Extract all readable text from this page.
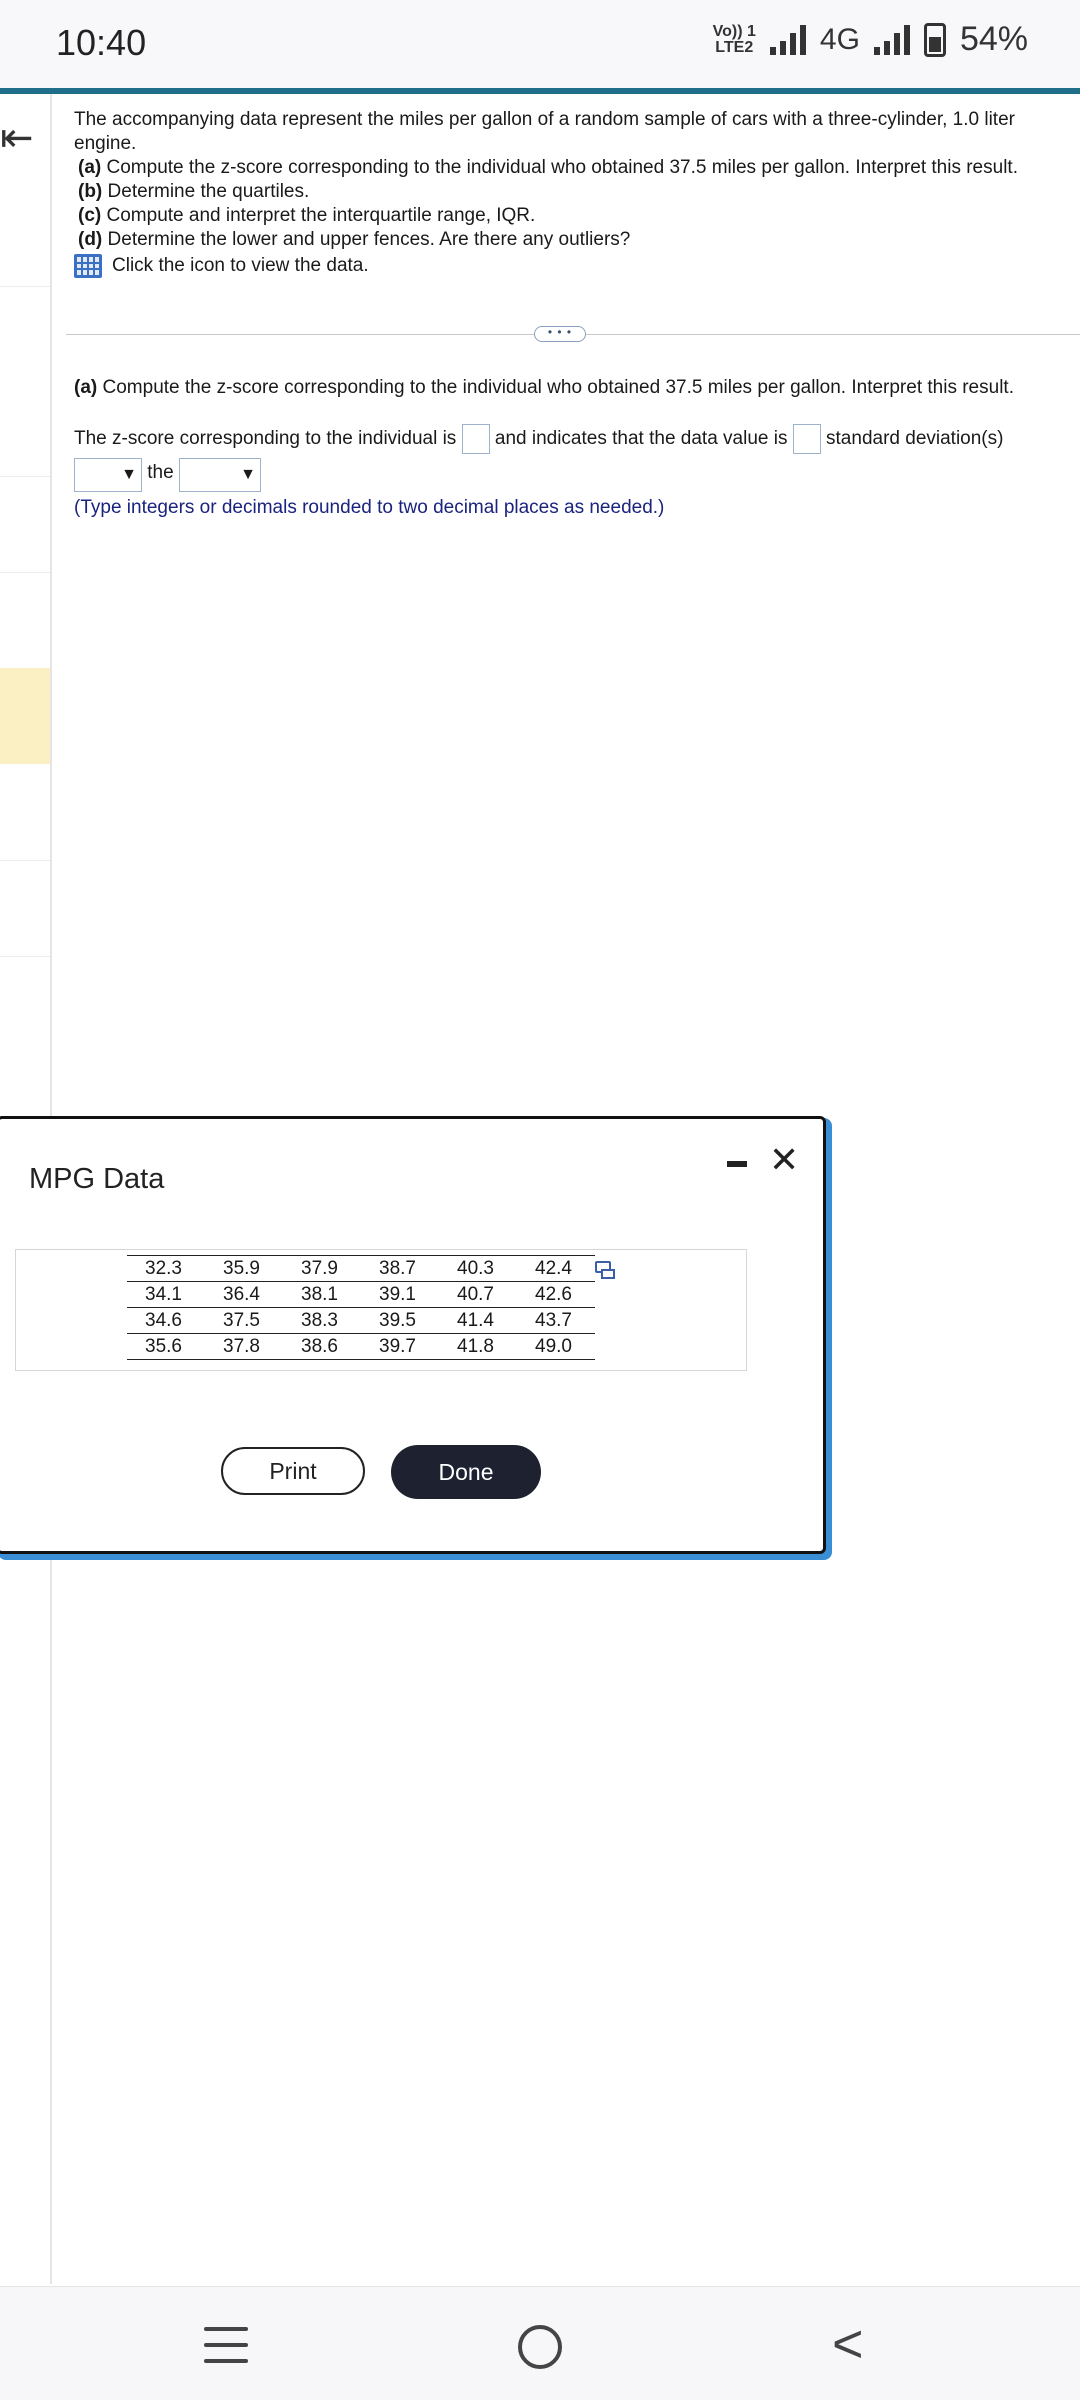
10:40	Vo)) 1
LTE2 4G	54%
⇤ The accompanying data represent the miles per gallon of a random sample of cars with a three-cylinder, 1.0 liter engine.

(a) Compute the z-score corresponding to the individual who obtained 37.5 miles per gallon. Interpret this result.

(b) Determine the quartiles.

(c) Compute and interpret the interquartile range, IQR.

(d) Determine the lower and upper fences. Are there any outliers?

Click the icon to view the data.
• • •

(a) Compute the z-score corresponding to the individual who obtained 37.5 miles per gallon. Interpret this result.

The z-score corresponding to the individual is and indicates that the data value is standard deviation(s)
▼ the	▼

(Type integers or decimals rounded to two decimal places as needed.)

MPG Data	✕
32.3	35.9	37.9	38.7	40.3	42.4
34.1	36.4	38.1	39.1	40.7	42.6
34.6	37.5	38.3	39.5	41.4	43.7
35.6	37.8	38.6	39.7	41.8	49.0
Print	Done
<
